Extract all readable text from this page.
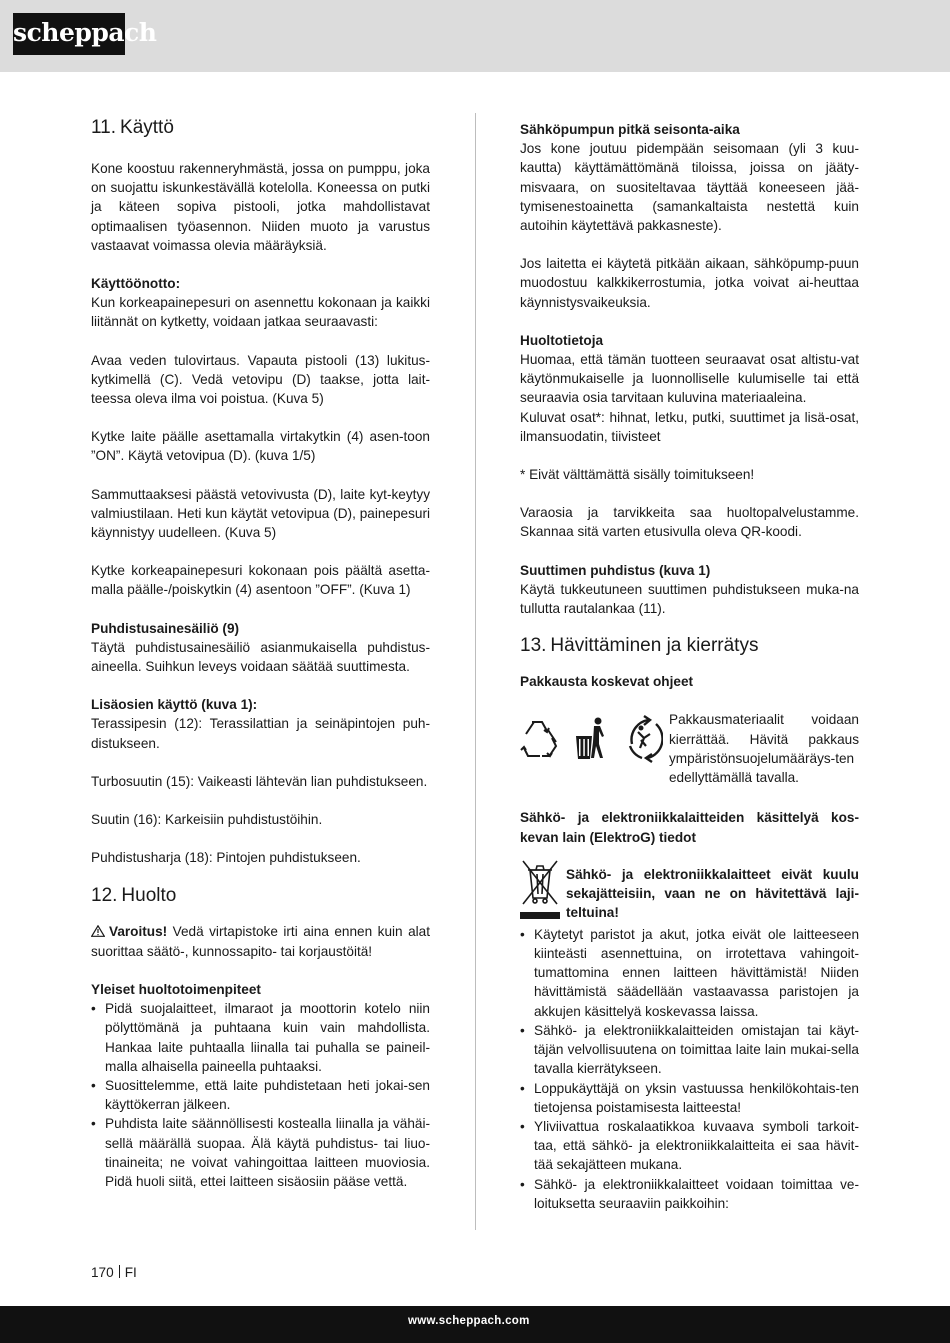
scheppach
11. Käyttö

Kone koostuu rakenneryhmästä, jossa on pumppu, joka on suojattu iskunkestävällä kotelolla. Koneessa on putki ja käteen sopiva pistooli, jotka mahdollistavat optimaalisen työasennon. Niiden muoto ja varustus vastaavat voimassa olevia määräyksiä.

Käyttöönotto:
Kun korkeapainepesuri on asennettu kokonaan ja kaikki liitännät on kytketty, voidaan jatkaa seuraavasti:

Avaa veden tulovirtaus. Vapauta pistooli (13) lukitus-kytkimellä (C). Vedä vetovipu (D) taakse, jotta lait-teessa oleva ilma voi poistua. (Kuva 5)

Kytke laite päälle asettamalla virtakytkin (4) asen-toon ”ON”. Käytä vetovipua (D). (kuva 1/5)

Sammuttaaksesi päästä vetovivusta (D), laite kyt-keytyy valmiustilaan. Heti kun käytät vetovipua (D), painepesuri käynnistyy uudelleen. (Kuva 5)

Kytke korkeapainepesuri kokonaan pois päältä asetta-malla päälle-/poiskytkin (4) asentoon ”OFF”. (Kuva 1)

Puhdistusainesäiliö (9)
Täytä puhdistusainesäiliö asianmukaisella puhdistus-aineella. Suihkun leveys voidaan säätää suuttimesta.

Lisäosien käyttö (kuva 1):
Terassipesin (12): Terassilattian ja seinäpintojen puh-distukseen.

Turbosuutin (15): Vaikeasti lähtevän lian puhdistukseen.

Suutin (16): Karkeisiin puhdistustöihin.

Puhdistusharja (18): Pintojen puhdistukseen.

12. Huolto

Varoitus! Vedä virtapistoke irti aina ennen kuin alat suorittaa säätö-, kunnossapito- tai korjaustöitä!

Yleiset huoltotoimenpiteet

• Pidä suojalaitteet, ilmaraot ja moottorin kotelo niin pölyttömänä ja puhtaana kuin vain mahdollista. Hankaa laite puhtaalla liinalla tai puhalla se paineil-malla alhaisella paineella puhtaaksi.
• Suosittelemme, että laite puhdistetaan heti jokai-sen käyttökerran jälkeen.
• Puhdista laite säännöllisesti kostealla liinalla ja vähäi-sellä määrällä suopaa. Älä käytä puhdistus- tai liuo-tinaineita; ne voivat vahingoittaa laitteen muoviosia. Pidä huoli siitä, ettei laitteen sisäosiin pääse vettä.

Sähköpumpun pitkä seisonta-aika
Jos kone joutuu pidempään seisomaan (yli 3 kuu-kautta) käyttämättömänä tiloissa, joissa on jääty-misvaara, on suositeltavaa täyttää koneeseen jää-tymisenestoainetta (samankaltaista nestettä kuin autoihin käytettävä pakkasneste).

Jos laitetta ei käytetä pitkään aikaan, sähköpump-puun muodostuu kalkkikerrostumia, jotka voivat ai-heuttaa käynnistysvaikeuksia.

Huoltotietoja
Huomaa, että tämän tuotteen seuraavat osat altistu-vat käytönmukaiselle ja luonnolliselle kulumiselle tai että seuraavia osia tarvitaan kuluvina materiaaleina.

Kuluvat osat*: hihnat, letku, putki, suuttimet ja lisä-osat, ilmansuodatin, tiivisteet

* Eivät välttämättä sisälly toimitukseen!

Varaosia ja tarvikkeita saa huoltopalvelustamme. Skannaa sitä varten etusivulla oleva QR-koodi.

Suuttimen puhdistus (kuva 1)
Käytä tukkeutuneen suuttimen puhdistukseen muka-na tullutta rautalankaa (11).

13. Hävittäminen ja kierrätys

Pakkausta koskevat ohjeet

Pakkausmateriaalit voidaan kierrättää. Hävitä pakkaus ympäristönsuojelumääräys-ten edellyttämällä tavalla.

Sähkö- ja elektroniikkalaitteiden käsittelyä kos-kevan lain (ElektroG) tiedot

Sähkö- ja elektroniikkalaitteet eivät kuulu sekajätteisiin, vaan ne on hävitettävä laji-teltuina!
• Käytetyt paristot ja akut, jotka eivät ole laitteeseen kiinteästi asennettuina, on irrotettava vahingoit-tumattomina ennen laitteen hävittämistä! Niiden hävittämistä säädellään vastaavassa paristojen ja akkujen käsittelyä koskevassa laissa.
• Sähkö- ja elektroniikkalaitteiden omistajan tai käyt-täjän velvollisuutena on toimittaa laite lain mukai-sella tavalla kierrätykseen.
• Loppukäyttäjä on yksin vastuussa henkilökohtais-ten tietojensa poistamisesta laitteesta!
• Yliviivattua roskalaatikkoa kuvaava symboli tarkoit-taa, että sähkö- ja elektroniikkalaitteita ei saa hävit-tää sekajätteen mukana.
• Sähkö- ja elektroniikkalaitteet voidaan toimittaa ve-loituksetta seuraaviin paikkoihin:
170 FI
www.scheppach.com
